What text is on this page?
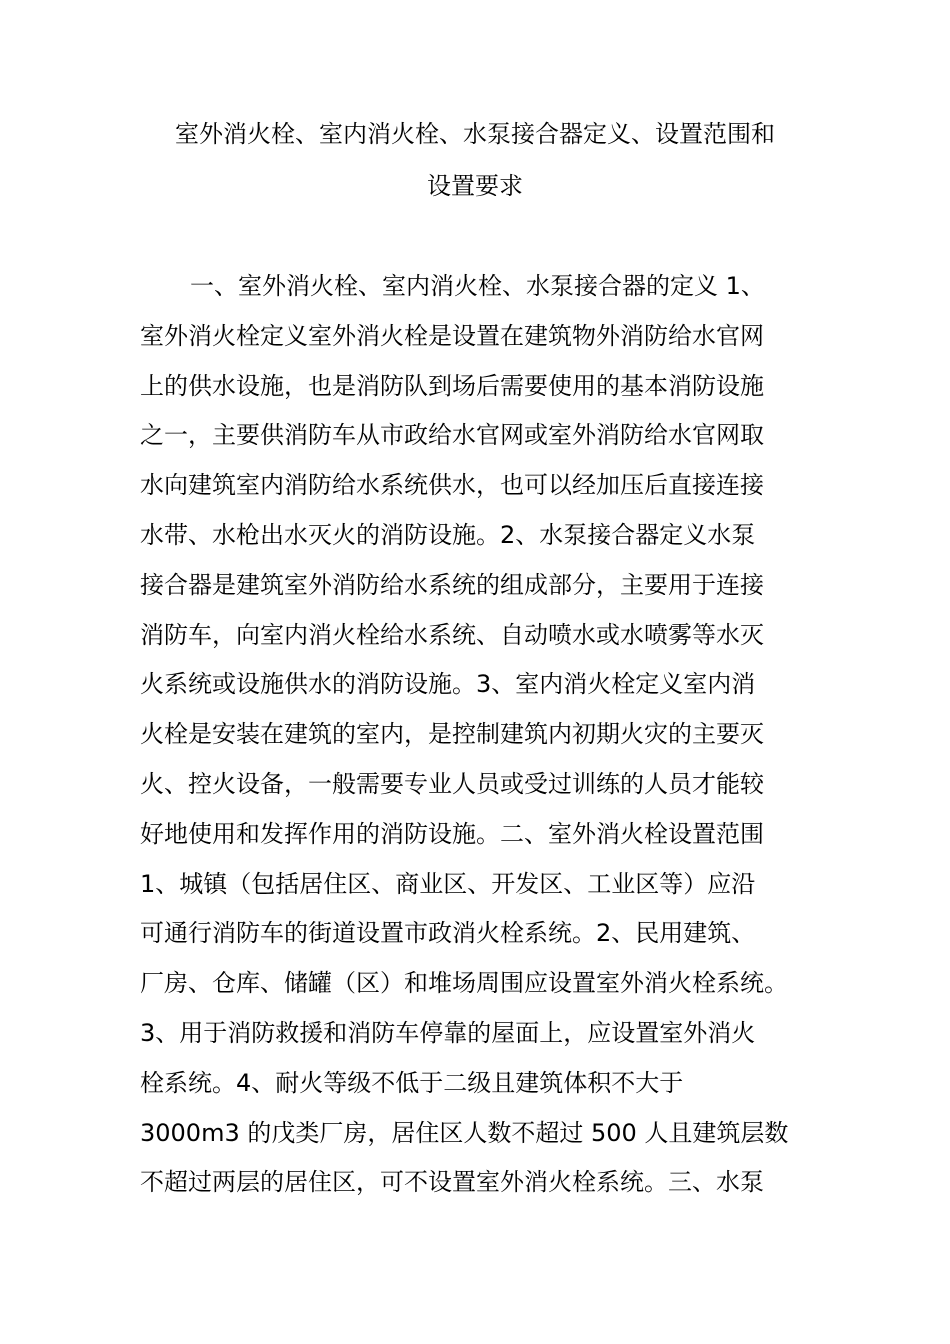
室外消火栓、室内消火栓、水泵接合器定义、设置范围和
设置要求
一、室外消火栓、室内消火栓、水泵接合器的定义 1、
室外消火栓定义室外消火栓是设置在建筑物外消防给水官网
上的供水设施，也是消防队到场后需要使用的基本消防设施
之一，主要供消防车从市政给水官网或室外消防给水官网取
水向建筑室内消防给水系统供水，也可以经加压后直接连接
水带、水枪出水灭火的消防设施。2、水泵接合器定义水泵
接合器是建筑室外消防给水系统的组成部分，主要用于连接
消防车，向室内消火栓给水系统、自动喷水或水喷雾等水灭
火系统或设施供水的消防设施。3、室内消火栓定义室内消
火栓是安装在建筑的室内，是控制建筑内初期火灾的主要灭
火、控火设备，一般需要专业人员或受过训练的人员才能较
好地使用和发挥作用的消防设施。二、室外消火栓设置范围
1、城镇（包括居住区、商业区、开发区、工业区等）应沿
可通行消防车的街道设置市政消火栓系统。2、民用建筑、
厂房、仓库、储罐（区）和堆场周围应设置室外消火栓系统。
3、用于消防救援和消防车停靠的屋面上，应设置室外消火
栓系统。4、耐火等级不低于二级且建筑体积不大于
3000m3 的戊类厂房，居住区人数不超过 500 人且建筑层数
不超过两层的居住区，可不设置室外消火栓系统。三、水泵
